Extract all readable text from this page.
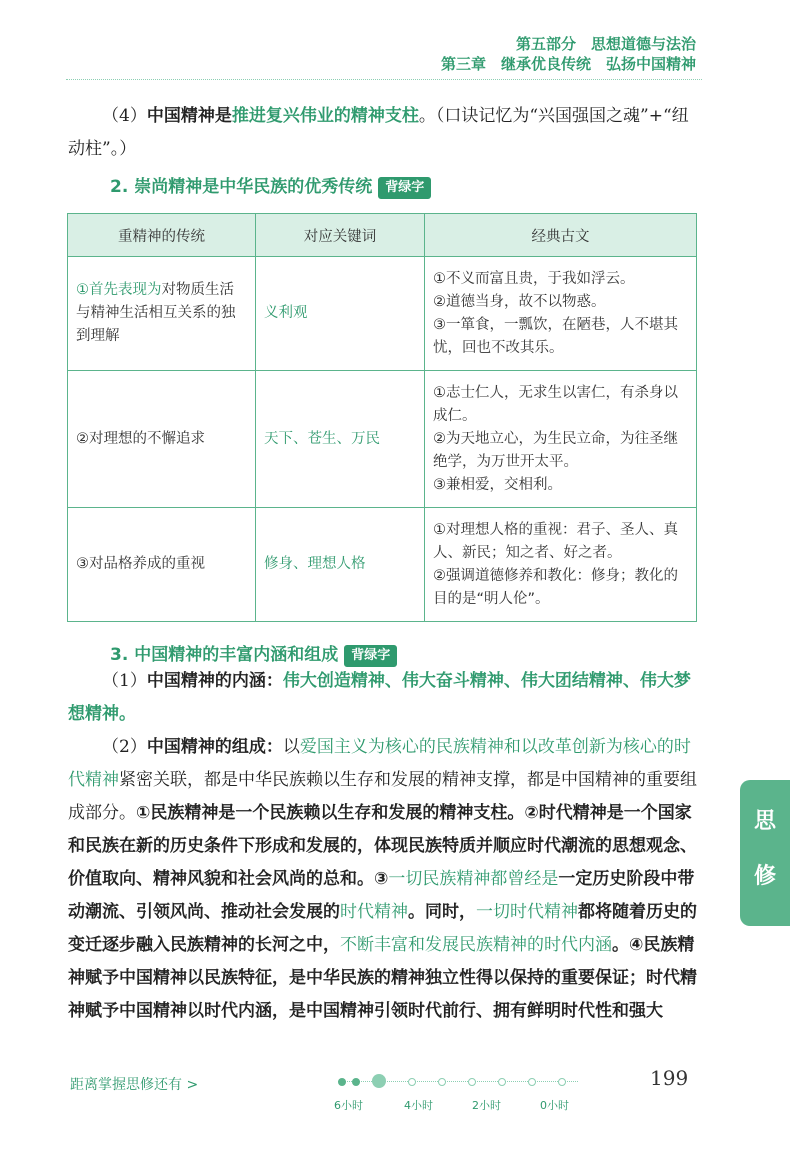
第五部分　思想道德与法治
第三章　继承优良传统　弘扬中国精神
（4）中国精神是推进复兴伟业的精神支柱。（口诀记忆为“兴国强国之魂”+“纽动柱”。）
2. 崇尚精神是中华民族的优秀传统 背绿字
重精神的传统	对应关键词	经典古文
①首先表现为对物质生活与精神生活相互关系的独到理解	义利观	①不义而富且贵，于我如浮云。
②道德当身，故不以物惑。
③一箪食，一瓢饮，在陋巷，人不堪其忧，回也不改其乐。

②对理想的不懈追求	天下、苍生、万民	①志士仁人，无求生以害仁，有杀身以成仁。
②为天地立心，为生民立命，为往圣继绝学，为万世开太平。
③兼相爱，交相利。

③对品格养成的重视	修身、理想人格	①对理想人格的重视：君子、圣人、真人、新民；知之者、好之者。
②强调道德修养和教化：修身；教化的目的是“明人伦”。
3. 中国精神的丰富内涵和组成 背绿字
（1）中国精神的内涵：伟大创造精神、伟大奋斗精神、伟大团结精神、伟大梦想精神。
（2）中国精神的组成：以爱国主义为核心的民族精神和以改革创新为核心的时代精神紧密关联，都是中华民族赖以生存和发展的精神支撑，都是中国精神的重要组成部分。①民族精神是一个民族赖以生存和发展的精神支柱。②时代精神是一个国家和民族在新的历史条件下形成和发展的，体现民族特质并顺应时代潮流的思想观念、价值取向、精神风貌和社会风尚的总和。③一切民族精神都曾经是一定历史阶段中带动潮流、引领风尚、推动社会发展的时代精神。同时，一切时代精神都将随着历史的变迁逐步融入民族精神的长河之中，不断丰富和发展民族精神的时代内涵。④民族精神赋予中国精神以民族特征，是中华民族的精神独立性得以保持的重要保证；时代精神赋予中国精神以时代内涵，是中国精神引领时代前行、拥有鲜明时代性和强大
思
修
距离掌握思修还有 >
6小时	4小时	2小时	0小时
199
